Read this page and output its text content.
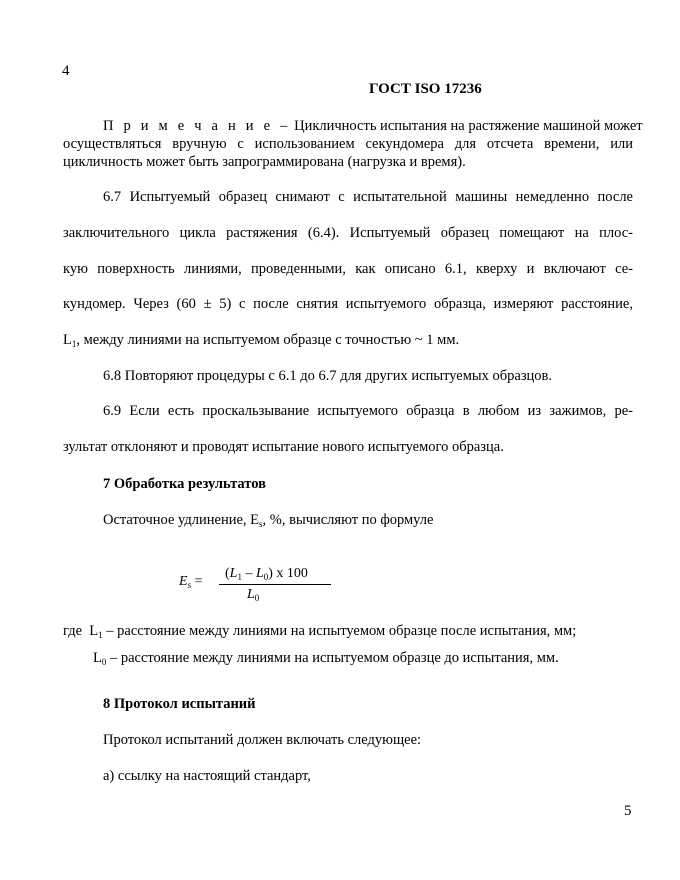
4
ГОСТ ISO 17236
П р и м е ч а н и е – Цикличность испытания на растяжение машиной может
осуществляться вручную с использованием секундомера для отсчета времени, или
цикличность может быть запрограммирована (нагрузка и время).
6.7 Испытуемый образец снимают с испытательной машины немедленно после
заключительного цикла растяжения (6.4). Испытуемый образец помещают на плос-
кую поверхность линиями, проведенными, как описано 6.1, кверху и включают се-
кундомер. Через (60 ± 5) с после снятия испытуемого образца, измеряют расстояние,
$L_1$, между линиями на испытуемом образце с точностью ~ 1 мм.
6.8 Повторяют процедуры с 6.1 до 6.7 для других испытуемых образцов.
6.9 Если есть проскальзывание испытуемого образца в любом из зажимов, ре-
зультат отклоняют и проводят испытание нового испытуемого образца.
7 Обработка результатов
Остаточное удлинение, $E_s$, %, вычисляют по формуле
$E_s$ =
$(L_1 - L_0)$ x 100
$L_0$
где  $L_1$ – расстояние между линиями на испытуемом образце после испытания, мм;
$L_0$ – расстояние между линиями на испытуемом образце до испытания, мм.
8 Протокол испытаний
Протокол испытаний должен включать следующее:
а) ссылку на настоящий стандарт,
5
